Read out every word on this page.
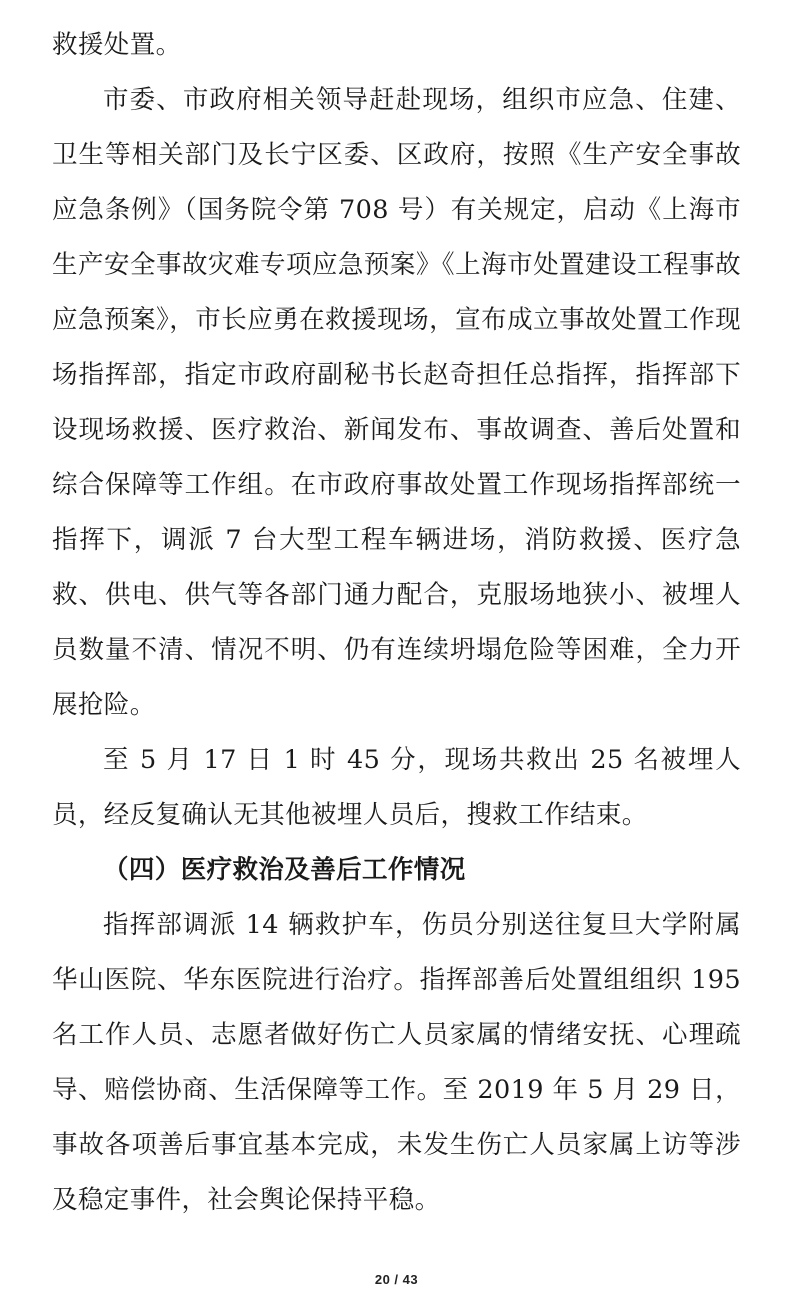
救援处置。

市委、市政府相关领导赶赴现场，组织市应急、住建、卫生等相关部门及长宁区委、区政府，按照《生产安全事故应急条例》（国务院令第 708 号）有关规定，启动《上海市生产安全事故灾难专项应急预案》《上海市处置建设工程事故应急预案》，市长应勇在救援现场，宣布成立事故处置工作现场指挥部，指定市政府副秘书长赵奇担任总指挥，指挥部下设现场救援、医疗救治、新闻发布、事故调查、善后处置和综合保障等工作组。在市政府事故处置工作现场指挥部统一指挥下，调派 7 台大型工程车辆进场，消防救援、医疗急救、供电、供气等各部门通力配合，克服场地狭小、被埋人员数量不清、情况不明、仍有连续坍塌危险等困难，全力开展抢险。

至 5 月 17 日 1 时 45 分，现场共救出 25 名被埋人员，经反复确认无其他被埋人员后，搜救工作结束。

（四）医疗救治及善后工作情况

指挥部调派 14 辆救护车，伤员分别送往复旦大学附属华山医院、华东医院进行治疗。指挥部善后处置组组织 195 名工作人员、志愿者做好伤亡人员家属的情绪安抚、心理疏导、赔偿协商、生活保障等工作。至 2019 年 5 月 29 日，事故各项善后事宜基本完成，未发生伤亡人员家属上访等涉及稳定事件，社会舆论保持平稳。

20 / 43
